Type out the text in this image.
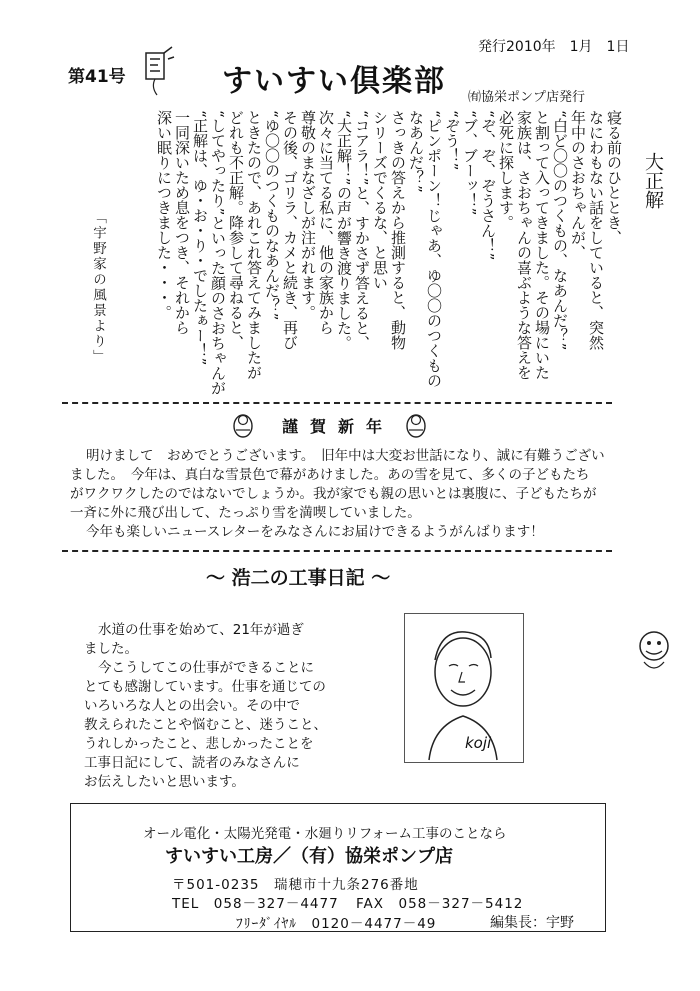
第41号	すいすい倶楽部
発行2010年　1月　1日
㈲協栄ポンプ店発行
大正解
寝る前のひととき、
なにわもない話をしていると、突然
年中のさおちゃんが、
“白ど〇〇のつくもの、なあんだ？”
と割って入ってきました。その場にいた
家族は、さおちゃんの喜ぶような答えを
必死に探します。
“ぞ、ぞ、ぞうさん！”
“ブ、ブーッ！”
“ぞう！”
“ピンポーン！じゃあ、ゆ〇〇のつくもの
なあんだ？”
さっきの答えから推測すると、動物
シリーズでくるな、と思い
“コアラ！”と、すかさず答えると、
“大正解！”の声が響き渡りました。
次々に当てる私に、他の家族から
尊敬のまなざしが注がれます。
その後、ゴリラ、カメと続き、再び
“ゆ〇〇のつくものなあんだ？”
ときたので、あれこれ答えてみましたが
どれも不正解。降参して尋ねると、
“してやったり”といった顔のさおちゃんが
“正解は、ゆ・お・り・でしたぁー！”
一同深いため息をつき、それから
深い眠りにつきました・・・。
「宇野家の風景より」
謹賀新年
明けまして　おめでとうございます。　旧年中は大変お世話になり、誠に有難うござい
ました。　今年は、真白な雪景色で幕があけました。あの雪を見て、多くの子どもたち
がワクワクしたのではないでしょうか。我が家でも親の思いとは裏腹に、子どもたちが
一斉に外に飛び出して、たっぷり雪を満喫していました。
今年も楽しいニュースレターをみなさんにお届けできるようがんばります！
～ 浩二の工事日記 ～
水道の仕事を始めて、21年が過ぎ
ました。
今こうしてこの仕事ができることに
とても感謝しています。仕事を通じての
いろいろな人との出会い。その中で
教えられたことや悩むこと、迷うこと、
うれしかったこと、悲しかったことを
工事日記にして、読者のみなさんに
お伝えしたいと思います。
koji
オール電化・太陽光発電・水廻りリフォーム工事のことなら
すいすい工房／（有）協栄ポンプ店
〒501-0235　瑞穂市十九条276番地
TEL　058－327－4477 FAX　058－327－5412
ﾌﾘｰﾀﾞｲﾔﾙ　0120－4477－49	編集長：宇野
